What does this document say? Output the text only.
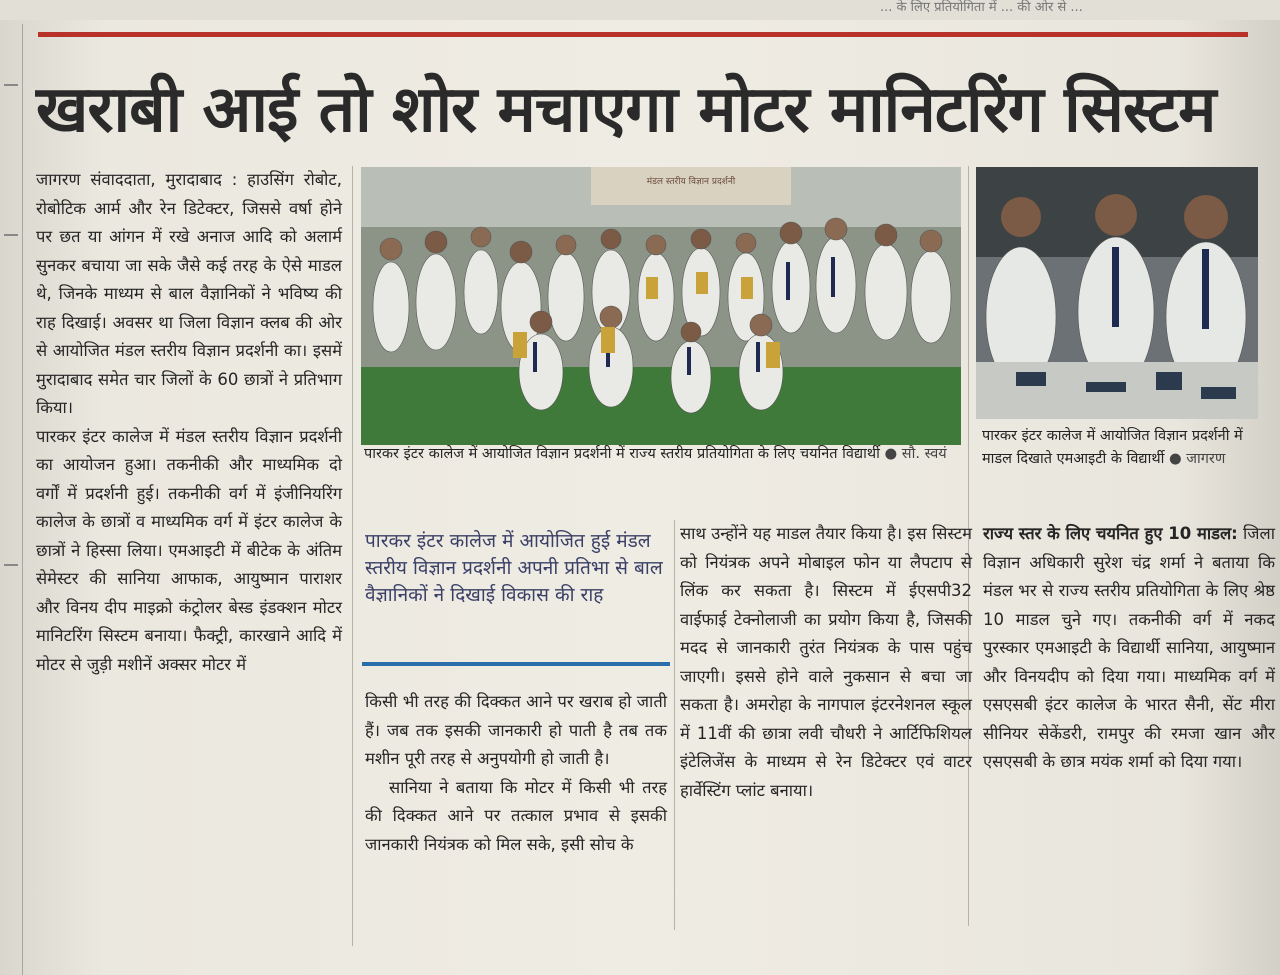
... के लिए प्रतियोगिता में ... की ओर से ...
खराबी आई तो शोर मचाएगा मोटर मानिटरिंग सिस्टम

जागरण संवाददाता, मुरादाबाद : हाउसिंग रोबोट, रोबोटिक आर्म और रेन डिटेक्टर, जिससे वर्षा होने पर छत या आंगन में रखे अनाज आदि को अलार्म सुनकर बचाया जा सके जैसे कई तरह के ऐसे माडल थे, जिनके माध्यम से बाल वैज्ञानिकों ने भविष्य की राह दिखाई। अवसर था जिला विज्ञान क्लब की ओर से आयोजित मंडल स्तरीय विज्ञान प्रदर्शनी का। इसमें मुरादाबाद समेत चार जिलों के 60 छात्रों ने प्रतिभाग किया।

पारकर इंटर कालेज में मंडल स्तरीय विज्ञान प्रदर्शनी का आयोजन हुआ। तकनीकी और माध्यमिक दो वर्गों में प्रदर्शनी हुई। तकनीकी वर्ग में इंजीनियरिंग कालेज के छात्रों व माध्यमिक वर्ग में इंटर कालेज के छात्रों ने हिस्सा लिया। एमआइटी में बीटेक के अंतिम सेमेस्टर की सानिया आफाक, आयुष्मान पाराशर और विनय दीप माइक्रो कंट्रोलर बेस्ड इंडक्शन मोटर मानिटरिंग सिस्टम बनाया। फैक्ट्री, कारखाने आदि में मोटर से जुड़ी मशीनें अक्सर मोटर में

मंडल स्तरीय विज्ञान प्रदर्शनी
पारकर इंटर कालेज में आयोजित विज्ञान प्रदर्शनी में राज्य स्तरीय प्रतियोगिता के लिए चयनित विद्यार्थी ● सौ. स्वयं
पारकर इंटर कालेज में आयोजित विज्ञान प्रदर्शनी में माडल दिखाते एमआइटी के विद्यार्थी ● जागरण
पारकर इंटर कालेज में आयोजित हुई मंडल स्तरीय विज्ञान प्रदर्शनी अपनी प्रतिभा से बाल वैज्ञानिकों ने दिखाई विकास की राह

किसी भी तरह की दिक्कत आने पर खराब हो जाती हैं। जब तक इसकी जानकारी हो पाती है तब तक मशीन पूरी तरह से अनुपयोगी हो जाती है।

सानिया ने बताया कि मोटर में किसी भी तरह की दिक्कत आने पर तत्काल प्रभाव से इसकी जानकारी नियंत्रक को मिल सके, इसी सोच के

साथ उन्होंने यह माडल तैयार किया है। इस सिस्टम को नियंत्रक अपने मोबाइल फोन या लैपटाप से लिंक कर सकता है। सिस्टम में ईएसपी32 वाईफाई टेक्नोलाजी का प्रयोग किया है, जिसकी मदद से जानकारी तुरंत नियंत्रक के पास पहुंच जाएगी। इससे होने वाले नुकसान से बचा जा सकता है। अमरोहा के नागपाल इंटरनेशनल स्कूल में 11वीं की छात्रा लवी चौधरी ने आर्टिफिशियल इंटेलिजेंस के माध्यम से रेन डिटेक्टर एवं वाटर हार्वेस्टिंग प्लांट बनाया।

राज्य स्तर के लिए चयनित हुए 10 माडल: जिला विज्ञान अधिकारी सुरेश चंद्र शर्मा ने बताया कि मंडल भर से राज्य स्तरीय प्रतियोगिता के लिए श्रेष्ठ 10 माडल चुने गए। तकनीकी वर्ग में नकद पुरस्कार एमआइटी के विद्यार्थी सानिया, आयुष्मान और विनयदीप को दिया गया। माध्यमिक वर्ग में एसएसबी इंटर कालेज के भारत सैनी, सेंट मीरा सीनियर सेकेंडरी, रामपुर की रमजा खान और एसएसबी के छात्र मयंक शर्मा को दिया गया।
